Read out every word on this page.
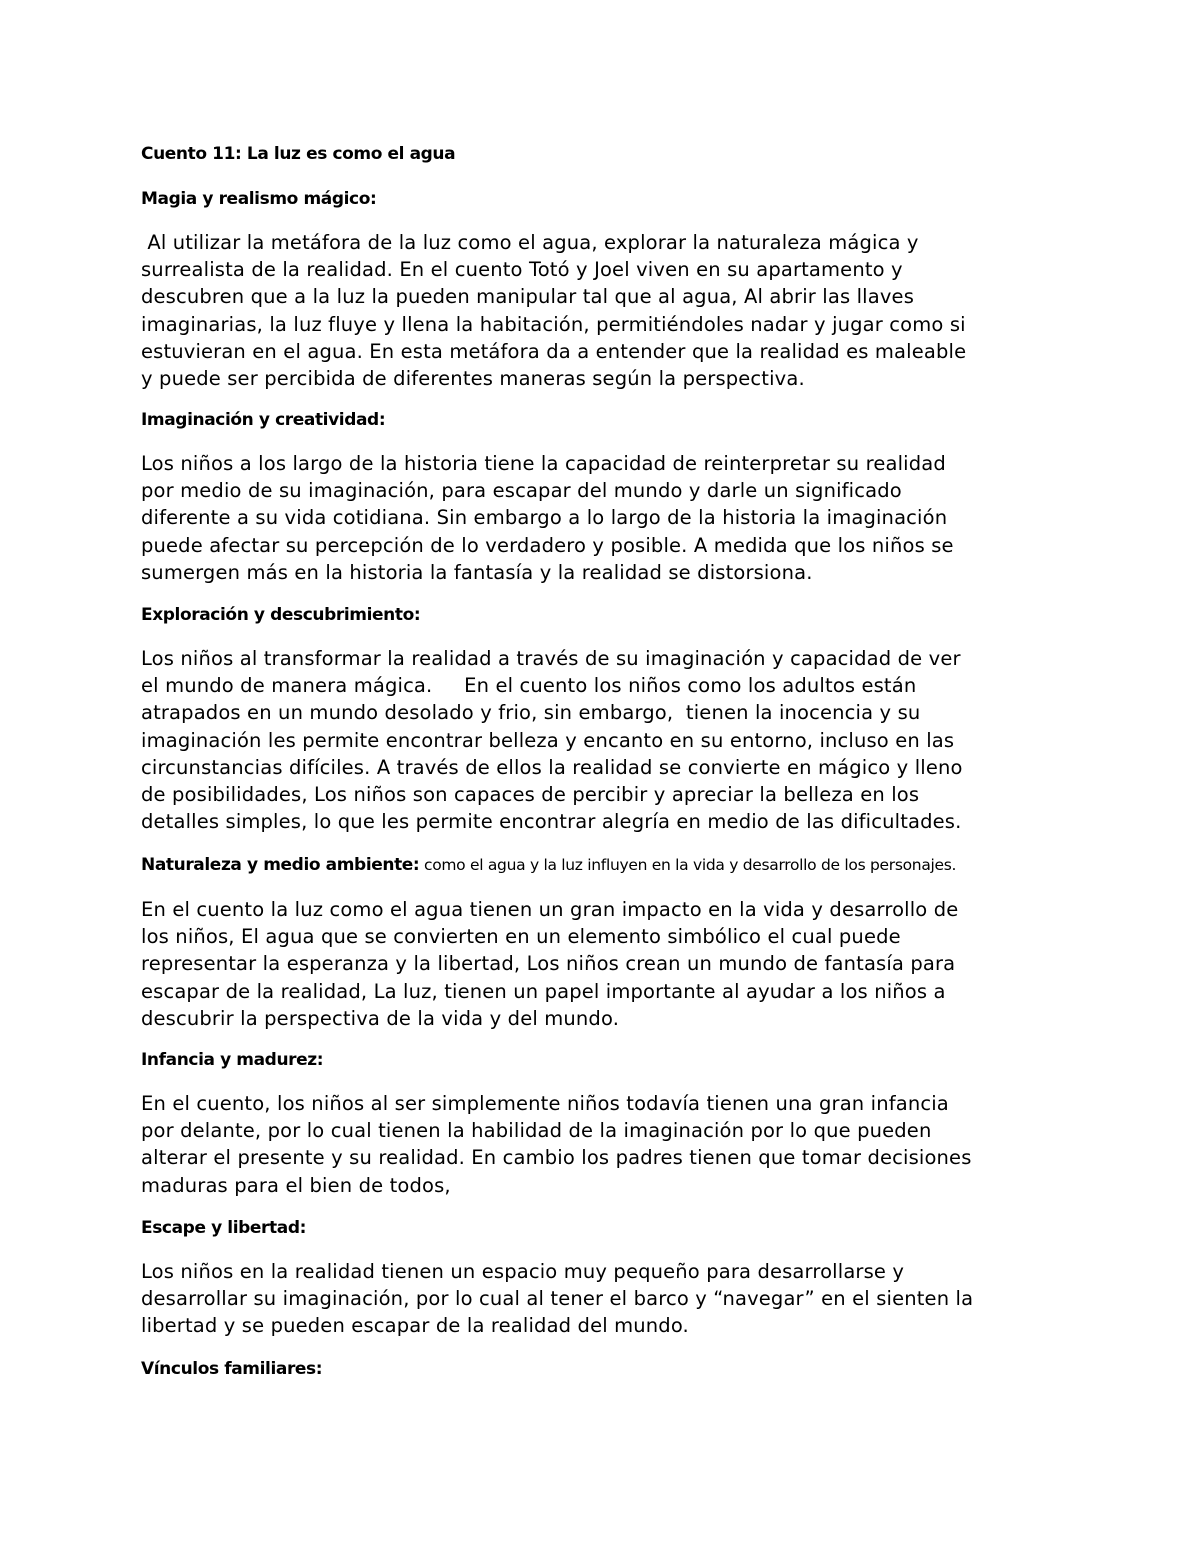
Cuento 11: La luz es como el agua
Magia y realismo mágico:
Al utilizar la metáfora de la luz como el agua, explorar la naturaleza mágica y
surrealista de la realidad. En el cuento Totó y Joel viven en su apartamento y
descubren que a la luz la pueden manipular tal que al agua, Al abrir las llaves
imaginarias, la luz fluye y llena la habitación, permitiéndoles nadar y jugar como si
estuvieran en el agua. En esta metáfora da a entender que la realidad es maleable
y puede ser percibida de diferentes maneras según la perspectiva.
Imaginación y creatividad:
Los niños a los largo de la historia tiene la capacidad de reinterpretar su realidad
por medio de su imaginación, para escapar del mundo y darle un significado
diferente a su vida cotidiana. Sin embargo a lo largo de la historia la imaginación
puede afectar su percepción de lo verdadero y posible. A medida que los niños se
sumergen más en la historia la fantasía y la realidad se distorsiona.
Exploración y descubrimiento:
Los niños al transformar la realidad a través de su imaginación y capacidad de ver
el mundo de manera mágica.     En el cuento los niños como los adultos están
atrapados en un mundo desolado y frio, sin embargo,  tienen la inocencia y su
imaginación les permite encontrar belleza y encanto en su entorno, incluso en las
circunstancias difíciles. A través de ellos la realidad se convierte en mágico y lleno
de posibilidades, Los niños son capaces de percibir y apreciar la belleza en los
detalles simples, lo que les permite encontrar alegría en medio de las dificultades.
Naturaleza y medio ambiente: como el agua y la luz influyen en la vida y desarrollo de los personajes.
En el cuento la luz como el agua tienen un gran impacto en la vida y desarrollo de
los niños, El agua que se convierten en un elemento simbólico el cual puede
representar la esperanza y la libertad, Los niños crean un mundo de fantasía para
escapar de la realidad, La luz, tienen un papel importante al ayudar a los niños a
descubrir la perspectiva de la vida y del mundo.
Infancia y madurez:
En el cuento, los niños al ser simplemente niños todavía tienen una gran infancia
por delante, por lo cual tienen la habilidad de la imaginación por lo que pueden
alterar el presente y su realidad. En cambio los padres tienen que tomar decisiones
maduras para el bien de todos,
Escape y libertad:
Los niños en la realidad tienen un espacio muy pequeño para desarrollarse y
desarrollar su imaginación, por lo cual al tener el barco y “navegar” en el sienten la
libertad y se pueden escapar de la realidad del mundo.
Vínculos familiares:
